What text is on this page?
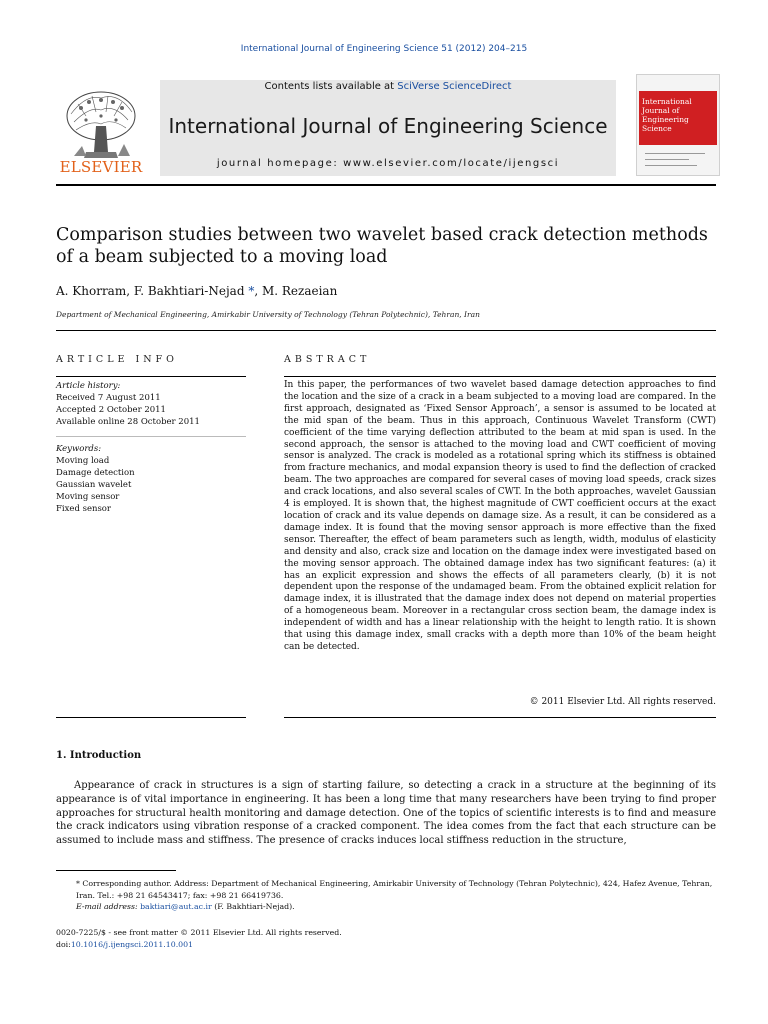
International Journal of Engineering Science 51 (2012) 204–215
ELSEVIER
Contents lists available at SciVerse ScienceDirect
International Journal of Engineering Science
journal homepage: www.elsevier.com/locate/ijengsci
International Journal of Engineering Science
Comparison studies between two wavelet based crack detection methods of a beam subjected to a moving load
A. Khorram, F. Bakhtiari-Nejad *, M. Rezaeian
Department of Mechanical Engineering, Amirkabir University of Technology (Tehran Polytechnic), Tehran, Iran
ARTICLE INFO
Article history:
Received 7 August 2011
Accepted 2 October 2011
Available online 28 October 2011
Keywords:
Moving load
Damage detection
Gaussian wavelet
Moving sensor
Fixed sensor
ABSTRACT
In this paper, the performances of two wavelet based damage detection approaches to find the location and the size of a crack in a beam subjected to a moving load are compared. In the first approach, designated as ‘Fixed Sensor Approach’, a sensor is assumed to be located at the mid span of the beam. Thus in this approach, Continuous Wavelet Transform (CWT) coefficient of the time varying deflection attributed to the beam at mid span is used. In the second approach, the sensor is attached to the moving load and CWT coefficient of moving sensor is analyzed. The crack is modeled as a rotational spring which its stiffness is obtained from fracture mechanics, and modal expansion theory is used to find the deflection of cracked beam. The two approaches are compared for several cases of moving load speeds, crack sizes and crack locations, and also several scales of CWT. In the both approaches, wavelet Gaussian 4 is employed. It is shown that, the highest magnitude of CWT coefficient occurs at the exact location of crack and its value depends on damage size. As a result, it can be considered as a damage index. It is found that the moving sensor approach is more effective than the fixed sensor. Thereafter, the effect of beam parameters such as length, width, modulus of elasticity and density and also, crack size and location on the damage index were investigated based on the moving sensor approach. The obtained damage index has two significant features: (a) it has an explicit expression and shows the effects of all parameters clearly, (b) it is not dependent upon the response of the undamaged beam. From the obtained explicit relation for damage index, it is illustrated that the damage index does not depend on material properties of a homogeneous beam. Moreover in a rectangular cross section beam, the damage index is independent of width and has a linear relationship with the height to length ratio. It is shown that using this damage index, small cracks with a depth more than 10% of the beam height can be detected.
© 2011 Elsevier Ltd. All rights reserved.
1. Introduction
Appearance of crack in structures is a sign of starting failure, so detecting a crack in a structure at the beginning of its appearance is of vital importance in engineering. It has been a long time that many researchers have been trying to find proper approaches for structural health monitoring and damage detection. One of the topics of scientific interests is to find and measure the crack indicators using vibration response of a cracked component. The idea comes from the fact that each structure can be assumed to include mass and stiffness. The presence of cracks induces local stiffness reduction in the structure,
* Corresponding author. Address: Department of Mechanical Engineering, Amirkabir University of Technology (Tehran Polytechnic), 424, Hafez Avenue, Tehran, Iran. Tel.: +98 21 64543417; fax: +98 21 66419736.
E-mail address: baktiari@aut.ac.ir (F. Bakhtiari-Nejad).
0020-7225/$ - see front matter © 2011 Elsevier Ltd. All rights reserved.
doi:10.1016/j.ijengsci.2011.10.001
